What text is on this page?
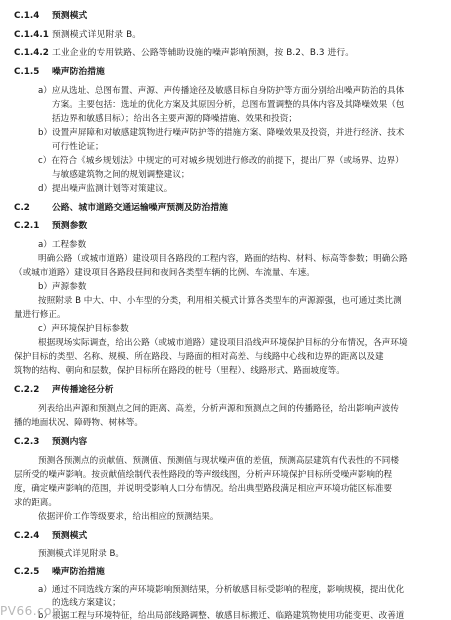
C.1.4 预测模式
C.1.4.1 预测模式详见附录 B。
C.1.4.2 工业企业的专用铁路、公路等辅助设施的噪声影响预测，按 B.2、B.3 进行。
C.1.5 噪声防治措施
a）应从选址、总图布置、声源、声传播途径及敏感目标自身防护等方面分别给出噪声防治的具体
方案。主要包括：选址的优化方案及其原因分析，总图布置调整的具体内容及其降噪效果（包
括边界和敏感目标）；给出各主要声源的降噪措施、效果和投资；
b）设置声屏障和对敏感建筑物进行噪声防护等的措施方案、降噪效果及投资，并进行经济、技术
可行性论证；
c）在符合《城乡规划法》中规定的可对城乡规划进行修改的前提下，提出厂界（或场界、边界）
与敏感建筑物之间的规划调整建议；
d）提出噪声监测计划等对策建议。
C.2	公路、城市道路交通运输噪声预测及防治措施
C.2.1 预测参数
a）工程参数
明确公路（或城市道路）建设项目各路段的工程内容，路面的结构、材料、标高等参数；明确公路
（或城市道路）建设项目各路段昼间和夜间各类型车辆的比例、车流量、车速。
b）声源参数
按照附录 B 中大、中、小车型的分类，利用相关模式计算各类型车的声源源强，也可通过类比测
量进行修正。
c）声环境保护目标参数
根据现场实际调查，给出公路（或城市道路）建设项目沿线声环境保护目标的分布情况，各声环境
保护目标的类型、名称、规模、所在路段、与路面的相对高差、与线路中心线和边界的距离以及建
筑物的结构、朝向和层数，保护目标所在路段的桩号（里程）、线路形式、路面坡度等。
C.2.2 声传播途径分析
列表给出声源和预测点之间的距离、高差，分析声源和预测点之间的传播路径，给出影响声波传
播的地面状况、障碍物、树林等。
C.2.3 预测内容
预测各预测点的贡献值、预测值、预测值与现状噪声值的差值，预测高层建筑有代表性的不同楼
层所受的噪声影响。按贡献值绘制代表性路段的等声级线图，分析声环境保护目标所受噪声影响的程
度，确定噪声影响的范围，并说明受影响人口分布情况。给出典型路段满足相应声环境功能区标准要
求的距离。
依据评价工作等级要求，给出相应的预测结果。
C.2.4 预测模式
预测模式详见附录 B。
C.2.5 噪声防治措施
a）通过不同选线方案的声环境影响预测结果，分析敏感目标受影响的程度，影响规模，提出优化
的选线方案建议；
b）根据工程与环境特征，给出局部线路调整、敏感目标搬迁、临路建筑物使用功能变更、改善道
PV66.com
